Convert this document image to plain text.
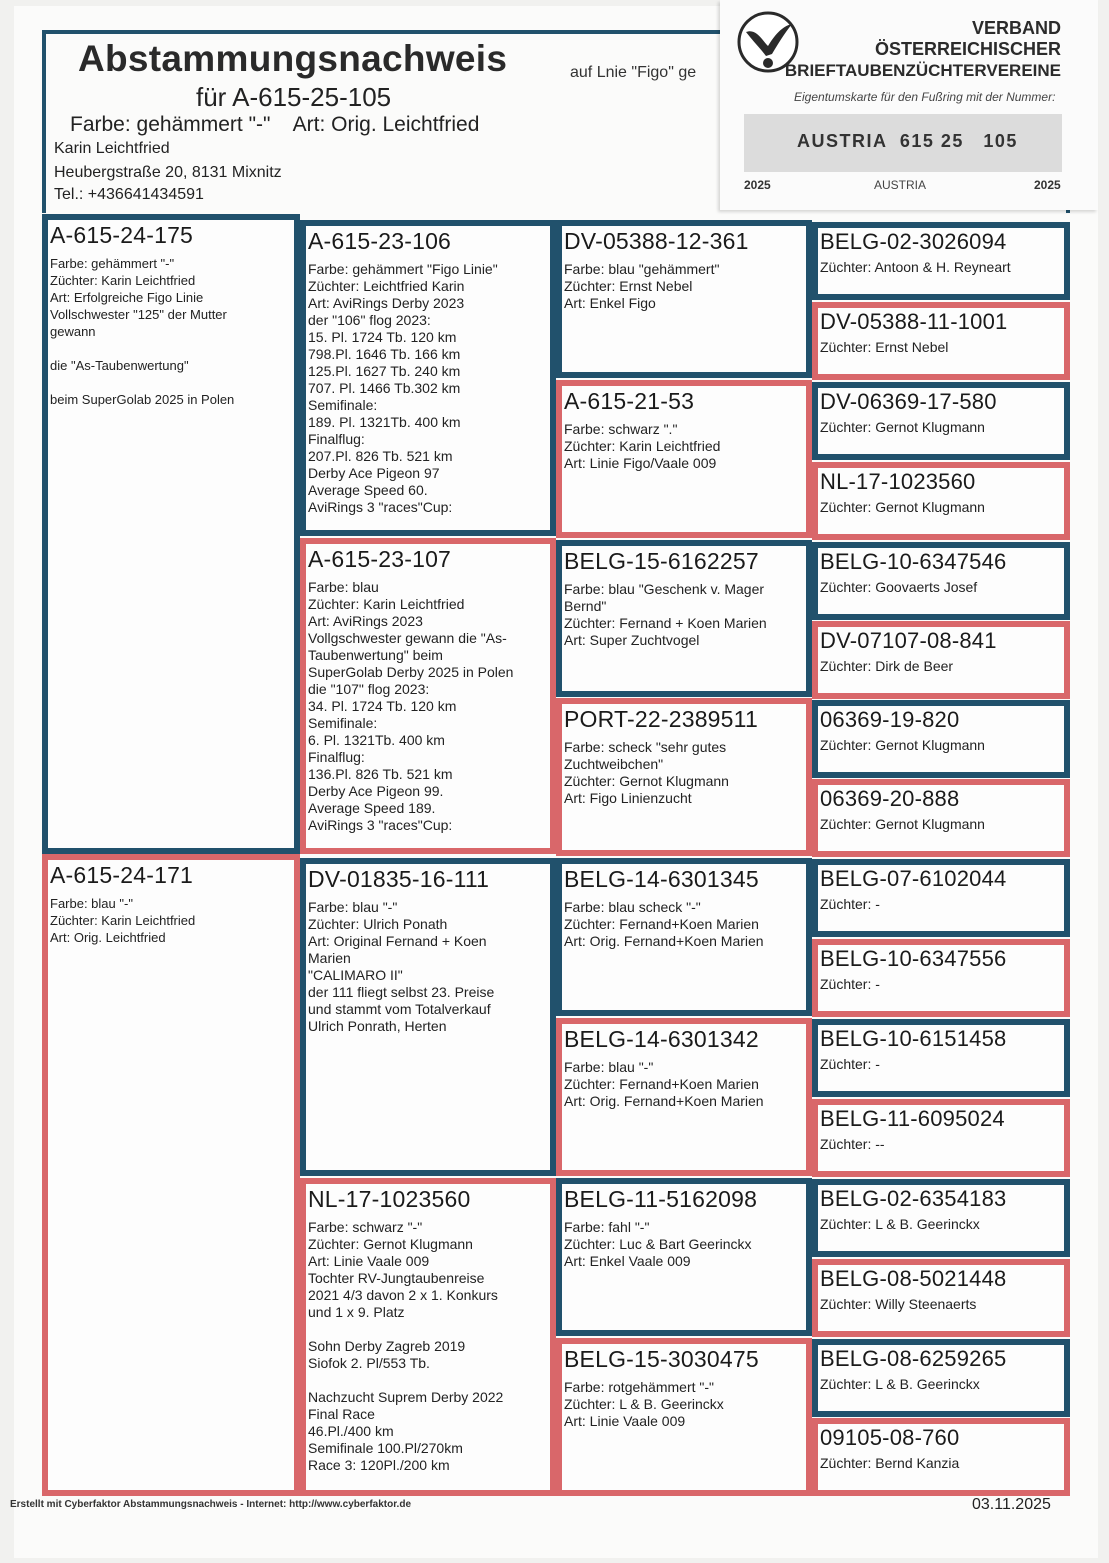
Abstammungsnachweis
für A-615-25-105
Farbe: gehämmert "-"    Art: Orig. Leichtfried
auf Lnie "Figo" ge
Karin Leichtfried
Heubergstraße 20, 8131 Mixnitz
Tel.: +436641434591
VERBAND
ÖSTERREICHISCHER
BRIEFTAUBENZÜCHTERVEREINE
Eigentumskarte für den Fußring mit der Nummer:
AUSTRIA  615 25   105
2025	AUSTRIA	2025
A-615-24-175
Farbe: gehämmert "-"
Züchter: Karin Leichtfried
Art: Erfolgreiche Figo Linie
Vollschwester "125" der Mutter
gewann

die "As-Taubenwertung"

beim SuperGolab 2025 in Polen
A-615-24-171
Farbe: blau "-"
Züchter: Karin Leichtfried
Art: Orig. Leichtfried
A-615-23-106
Farbe: gehämmert "Figo Linie"
Züchter: Leichtfried Karin
Art: AviRings Derby 2023
der "106" flog 2023:
15. Pl. 1724 Tb. 120 km
798.Pl. 1646 Tb. 166 km
125.Pl. 1627 Tb. 240 km
707. Pl. 1466 Tb.302 km
Semifinale:
189. Pl. 1321Tb. 400 km
Finalflug:
207.Pl. 826 Tb. 521 km
Derby Ace Pigeon 97
Average Speed 60.
AviRings 3 "races"Cup:
A-615-23-107
Farbe: blau
Züchter: Karin Leichtfried
Art: AviRings 2023
Vollgschwester gewann die "As-
Taubenwertung" beim
SuperGolab Derby 2025 in Polen
die "107" flog 2023:
34. Pl. 1724 Tb. 120 km
Semifinale:
6. Pl. 1321Tb. 400 km
Finalflug:
136.Pl. 826 Tb. 521 km
Derby Ace Pigeon 99.
Average Speed 189.
AviRings 3 "races"Cup:
DV-01835-16-111
Farbe: blau "-"
Züchter: Ulrich Ponath
Art: Original Fernand + Koen
Marien
"CALIMARO II"
der 111 fliegt selbst 23. Preise
und stammt vom Totalverkauf
Ulrich Ponrath, Herten
NL-17-1023560
Farbe: schwarz "-"
Züchter: Gernot Klugmann
Art: Linie Vaale 009
Tochter RV-Jungtaubenreise
2021 4/3 davon 2 x 1. Konkurs
und 1 x 9. Platz

Sohn Derby Zagreb 2019
Siofok 2. Pl/553 Tb.

Nachzucht Suprem Derby 2022
Final Race
46.Pl./400 km
Semifinale 100.Pl/270km
Race 3: 120Pl./200 km
DV-05388-12-361
Farbe: blau "gehämmert"
Züchter: Ernst Nebel
Art: Enkel Figo
A-615-21-53
Farbe: schwarz "."
Züchter: Karin Leichtfried
Art: Linie Figo/Vaale 009
BELG-15-6162257
Farbe: blau "Geschenk v. Mager
Bernd"
Züchter: Fernand + Koen Marien
Art: Super Zuchtvogel
PORT-22-2389511
Farbe: scheck "sehr gutes
Zuchtweibchen"
Züchter: Gernot Klugmann
Art: Figo Linienzucht
BELG-14-6301345
Farbe: blau scheck "-"
Züchter: Fernand+Koen Marien
Art: Orig. Fernand+Koen Marien
BELG-14-6301342
Farbe: blau "-"
Züchter: Fernand+Koen Marien
Art: Orig. Fernand+Koen Marien
BELG-11-5162098
Farbe: fahl "-"
Züchter: Luc & Bart Geerinckx
Art: Enkel Vaale 009
BELG-15-3030475
Farbe: rotgehämmert "-"
Züchter: L & B. Geerinckx
Art: Linie Vaale 009
BELG-02-3026094
Züchter: Antoon & H. Reyneart
DV-05388-11-1001
Züchter: Ernst Nebel
DV-06369-17-580
Züchter: Gernot Klugmann
NL-17-1023560
Züchter: Gernot Klugmann
BELG-10-6347546
Züchter: Goovaerts Josef
DV-07107-08-841
Züchter: Dirk de Beer
06369-19-820
Züchter: Gernot Klugmann
06369-20-888
Züchter: Gernot Klugmann
BELG-07-6102044
Züchter: -
BELG-10-6347556
Züchter: -
BELG-10-6151458
Züchter: -
BELG-11-6095024
Züchter: --
BELG-02-6354183
Züchter: L & B. Geerinckx
BELG-08-5021448
Züchter: Willy Steenaerts
BELG-08-6259265
Züchter: L & B. Geerinckx
09105-08-760
Züchter: Bernd Kanzia
Erstellt mit Cyberfaktor Abstammungsnachweis - Internet: http://www.cyberfaktor.de	03.11.2025
